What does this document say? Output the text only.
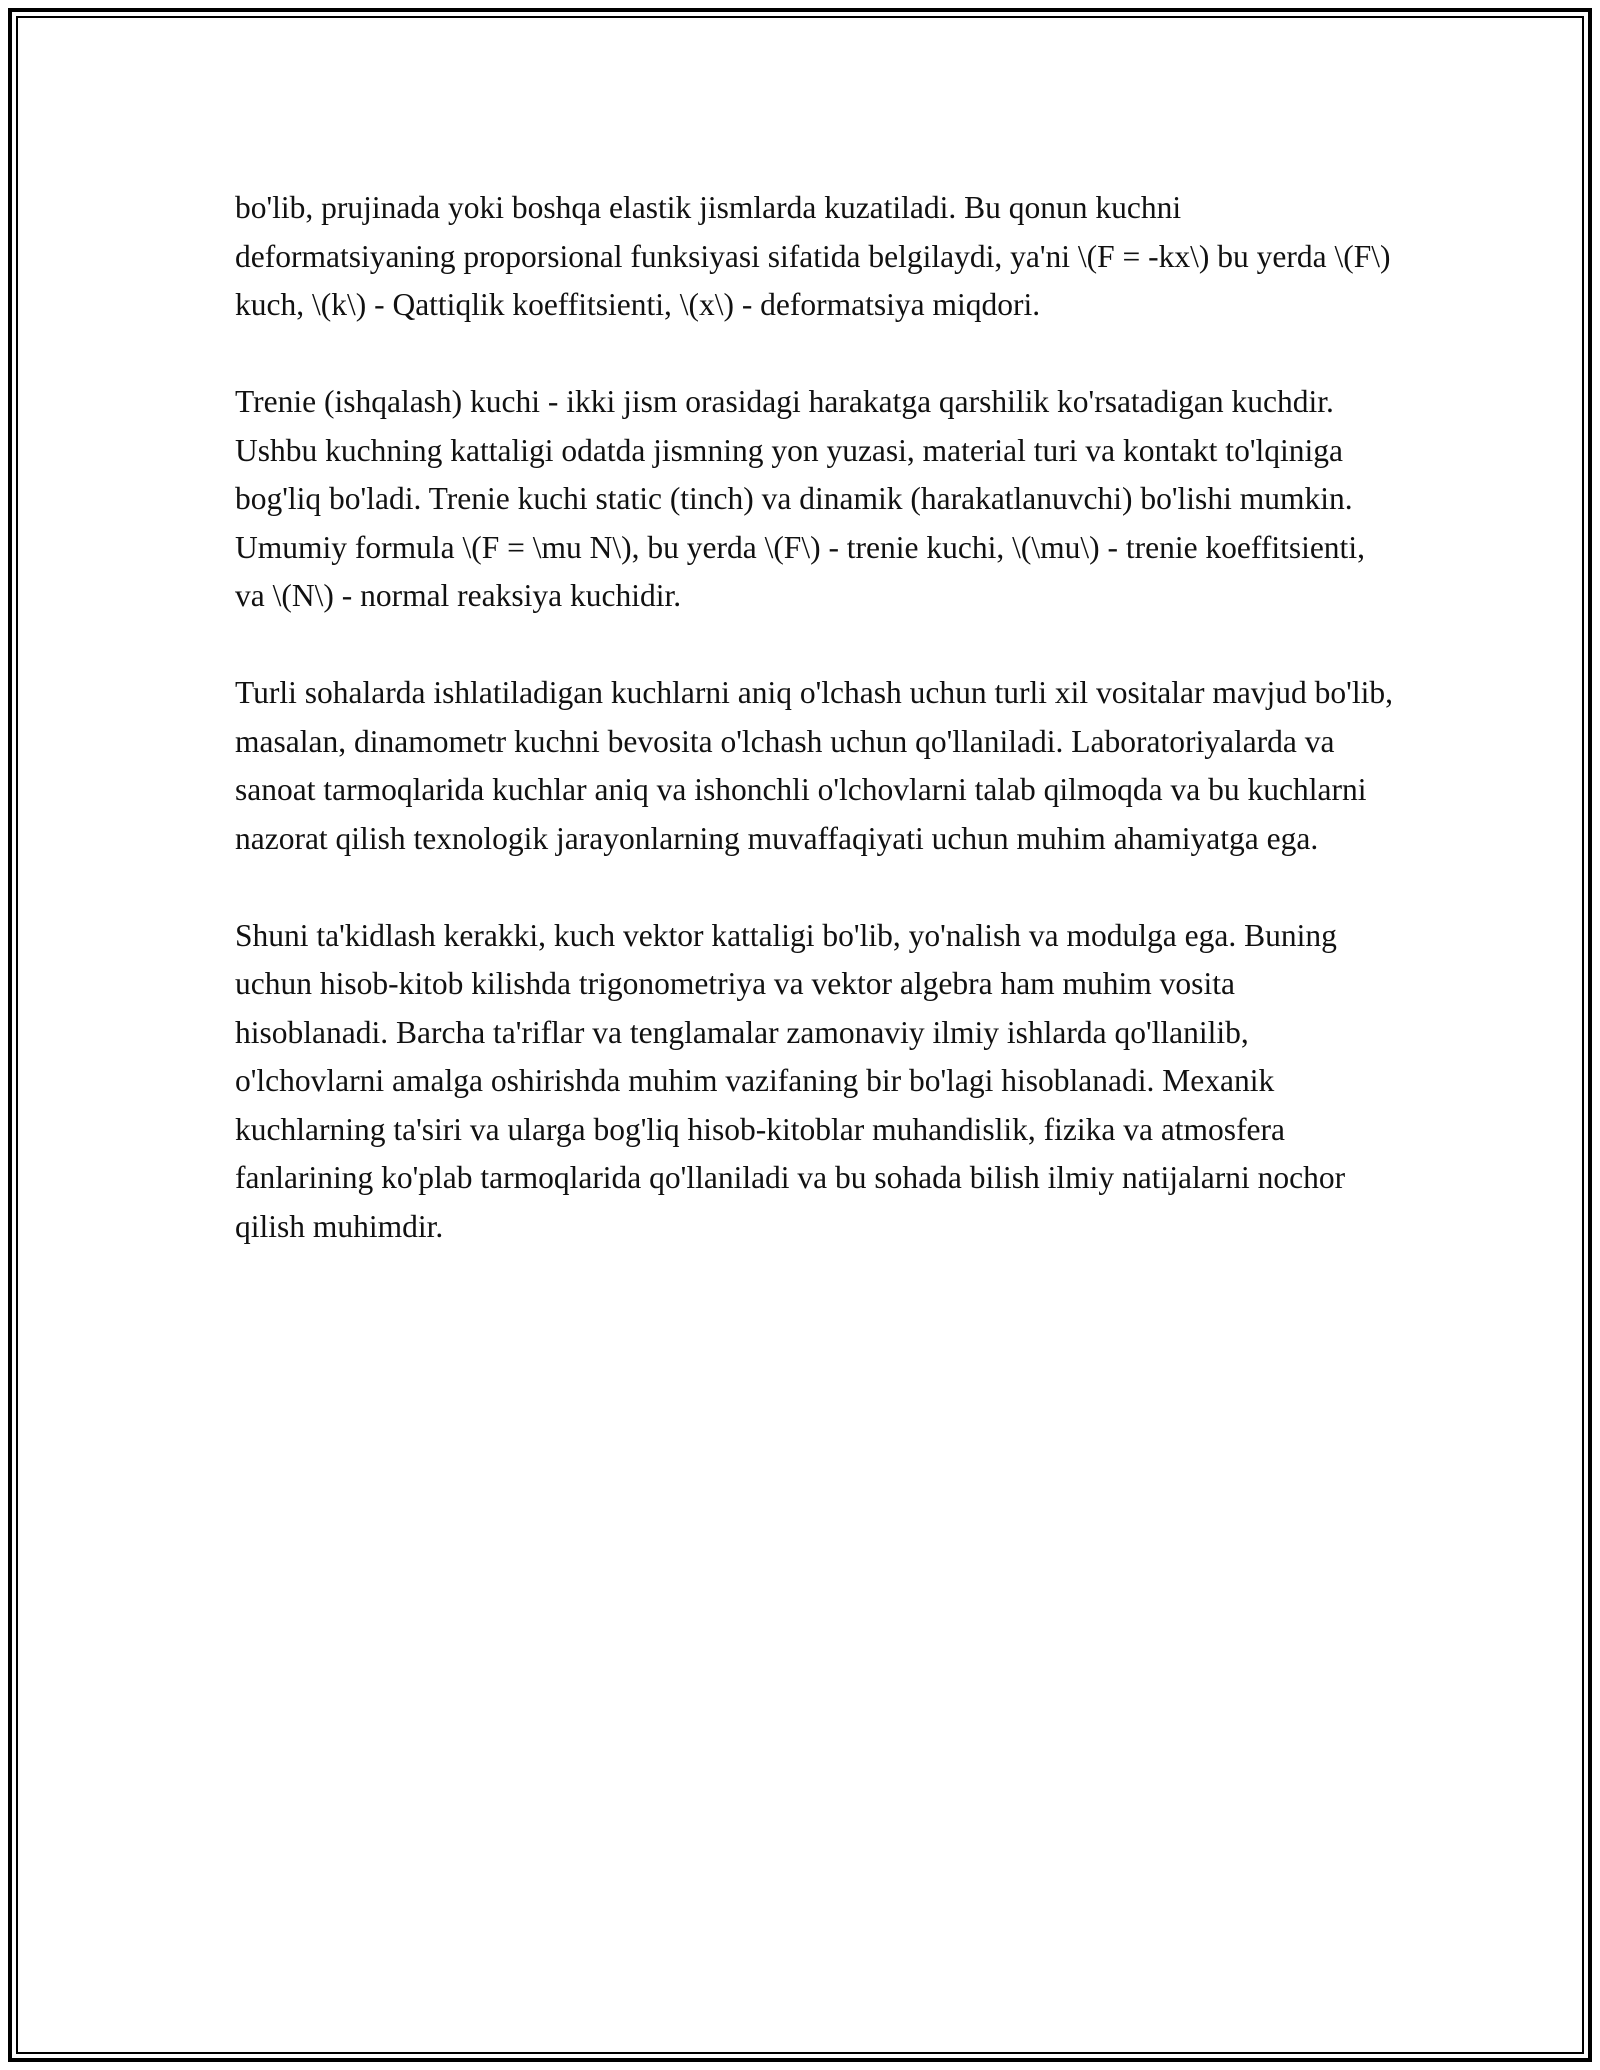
bo'lib, prujinada yoki boshqa elastik jismlarda kuzatiladi. Bu qonun kuchni deformatsiyaning proporsional funksiyasi sifatida belgilaydi, ya'ni \(F = -kx\) bu yerda \(F\) kuch, \(k\) - Qattiqlik koeffitsienti, \(x\) - deformatsiya miqdori.

Trenie (ishqalash) kuchi - ikki jism orasidagi harakatga qarshilik ko'rsatadigan kuchdir. Ushbu kuchning kattaligi odatda jismning yon yuzasi, material turi va kontakt to'lqiniga bog'liq bo'ladi. Trenie kuchi static (tinch) va dinamik (harakatlanuvchi) bo'lishi mumkin. Umumiy formula \(F = \mu N\), bu yerda \(F\) - trenie kuchi, \(\mu\) - trenie koeffitsienti, va \(N\) - normal reaksiya kuchidir.

Turli sohalarda ishlatiladigan kuchlarni aniq o'lchash uchun turli xil vositalar mavjud bo'lib, masalan, dinamometr kuchni bevosita o'lchash uchun qo'llaniladi. Laboratoriyalarda va sanoat tarmoqlarida kuchlar aniq va ishonchli o'lchovlarni talab qilmoqda va bu kuchlarni nazorat qilish texnologik jarayonlarning muvaffaqiyati uchun muhim ahamiyatga ega.

Shuni ta'kidlash kerakki, kuch vektor kattaligi bo'lib, yo'nalish va modulga ega. Buning uchun hisob-kitob kilishda trigonometriya va vektor algebra ham muhim vosita hisoblanadi. Barcha ta'riflar va tenglamalar zamonaviy ilmiy ishlarda qo'llanilib, o'lchovlarni amalga oshirishda muhim vazifaning bir bo'lagi hisoblanadi. Mexanik kuchlarning ta'siri va ularga bog'liq hisob-kitoblar muhandislik, fizika va atmosfera fanlarining ko'plab tarmoqlarida qo'llaniladi va bu sohada bilish ilmiy natijalarni nochor qilish muhimdir.
